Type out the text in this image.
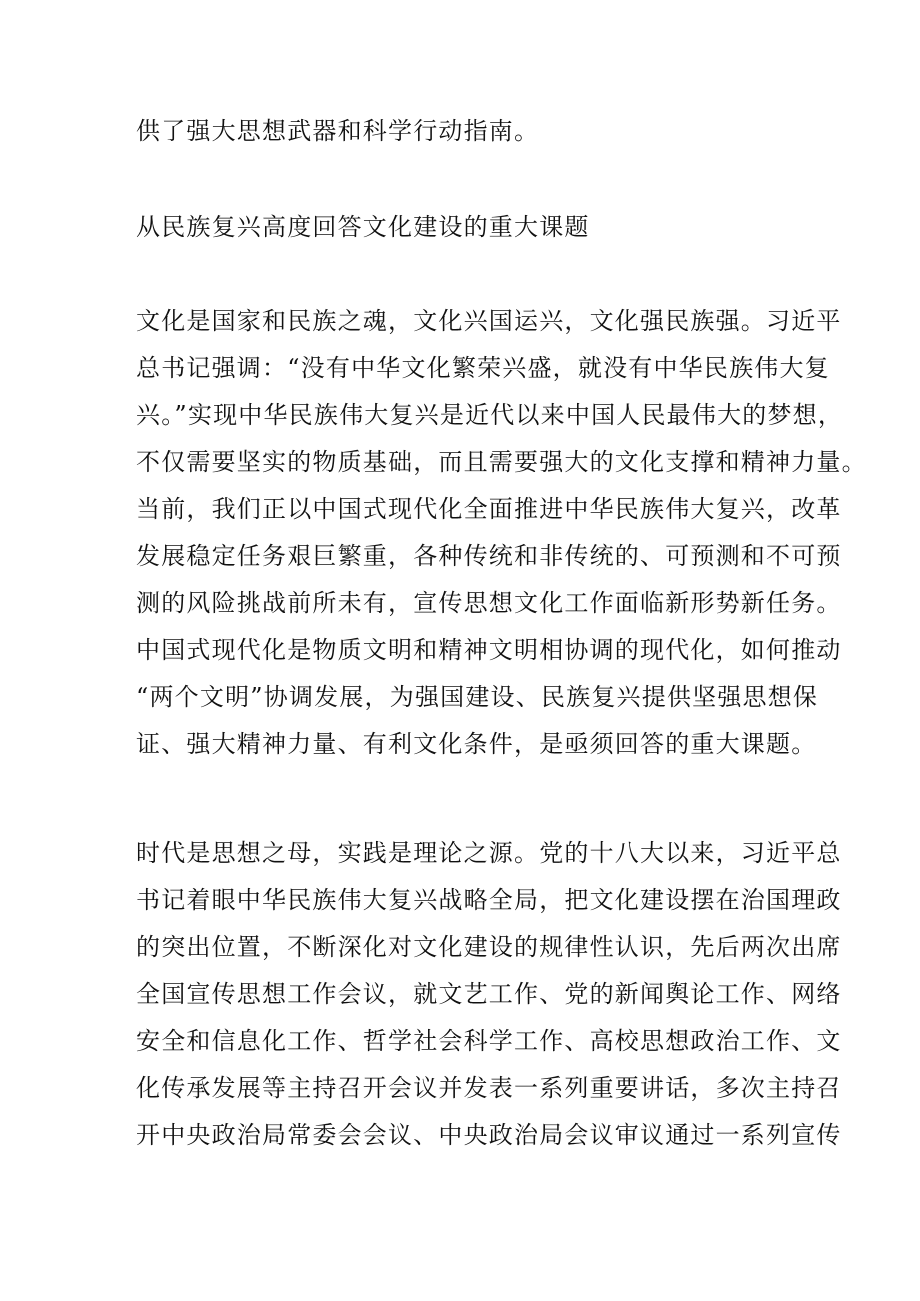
供了强大思想武器和科学行动指南。

从民族复兴高度回答文化建设的重大课题

文化是国家和民族之魂，文化兴国运兴，文化强民族强。习近平
总书记强调：“没有中华文化繁荣兴盛，就没有中华民族伟大复
兴。”实现中华民族伟大复兴是近代以来中国人民最伟大的梦想，
不仅需要坚实的物质基础，而且需要强大的文化支撑和精神力量。
当前，我们正以中国式现代化全面推进中华民族伟大复兴，改革
发展稳定任务艰巨繁重，各种传统和非传统的、可预测和不可预
测的风险挑战前所未有，宣传思想文化工作面临新形势新任务。
中国式现代化是物质文明和精神文明相协调的现代化，如何推动
“两个文明”协调发展，为强国建设、民族复兴提供坚强思想保
证、强大精神力量、有利文化条件，是亟须回答的重大课题。

时代是思想之母，实践是理论之源。党的十八大以来，习近平总
书记着眼中华民族伟大复兴战略全局，把文化建设摆在治国理政
的突出位置，不断深化对文化建设的规律性认识，先后两次出席
全国宣传思想工作会议，就文艺工作、党的新闻舆论工作、网络
安全和信息化工作、哲学社会科学工作、高校思想政治工作、文
化传承发展等主持召开会议并发表一系列重要讲话，多次主持召
开中央政治局常委会会议、中央政治局会议审议通过一系列宣传
